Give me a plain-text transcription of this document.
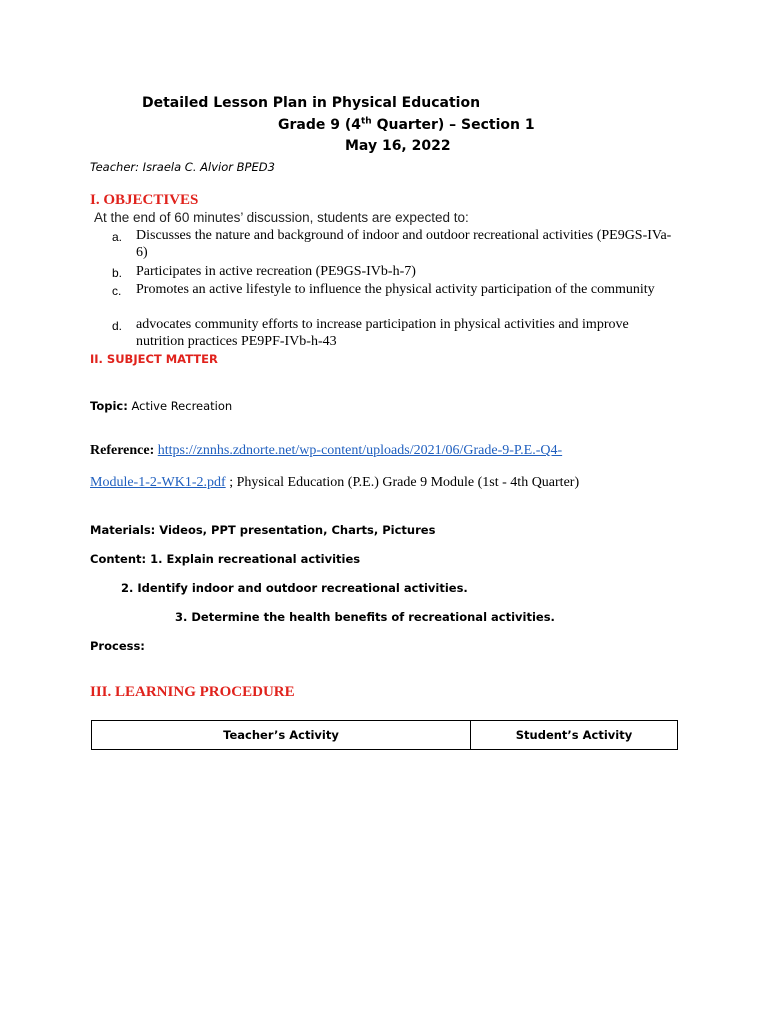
Detailed Lesson Plan in Physical Education
Grade 9 (4th Quarter) – Section 1
May 16, 2022
Teacher: Israela C. Alvior BPED3
I. OBJECTIVES
At the end of 60 minutes’ discussion, students are expected to:
a. Discusses the nature and background of indoor and outdoor recreational activities (PE9GS-IVa-6)
b. Participates in active recreation (PE9GS-IVb-h-7)
c. Promotes an active lifestyle to influence the physical activity participation of the community
d. advocates community efforts to increase participation in physical activities and improve nutrition practices PE9PF-IVb-h-43
II. SUBJECT MATTER
Topic: Active Recreation
Reference: https://znnhs.zdnorte.net/wp-content/uploads/2021/06/Grade-9-P.E.-Q4-
Module-1-2-WK1-2.pdf ; Physical Education (P.E.) Grade 9 Module (1st - 4th Quarter)
Materials: Videos, PPT presentation, Charts, Pictures
Content: 1. Explain recreational activities
2. Identify indoor and outdoor recreational activities.
3. Determine the health benefits of recreational activities.
Process:
III. LEARNING PROCEDURE
Teacher’s Activity	Student’s Activity
